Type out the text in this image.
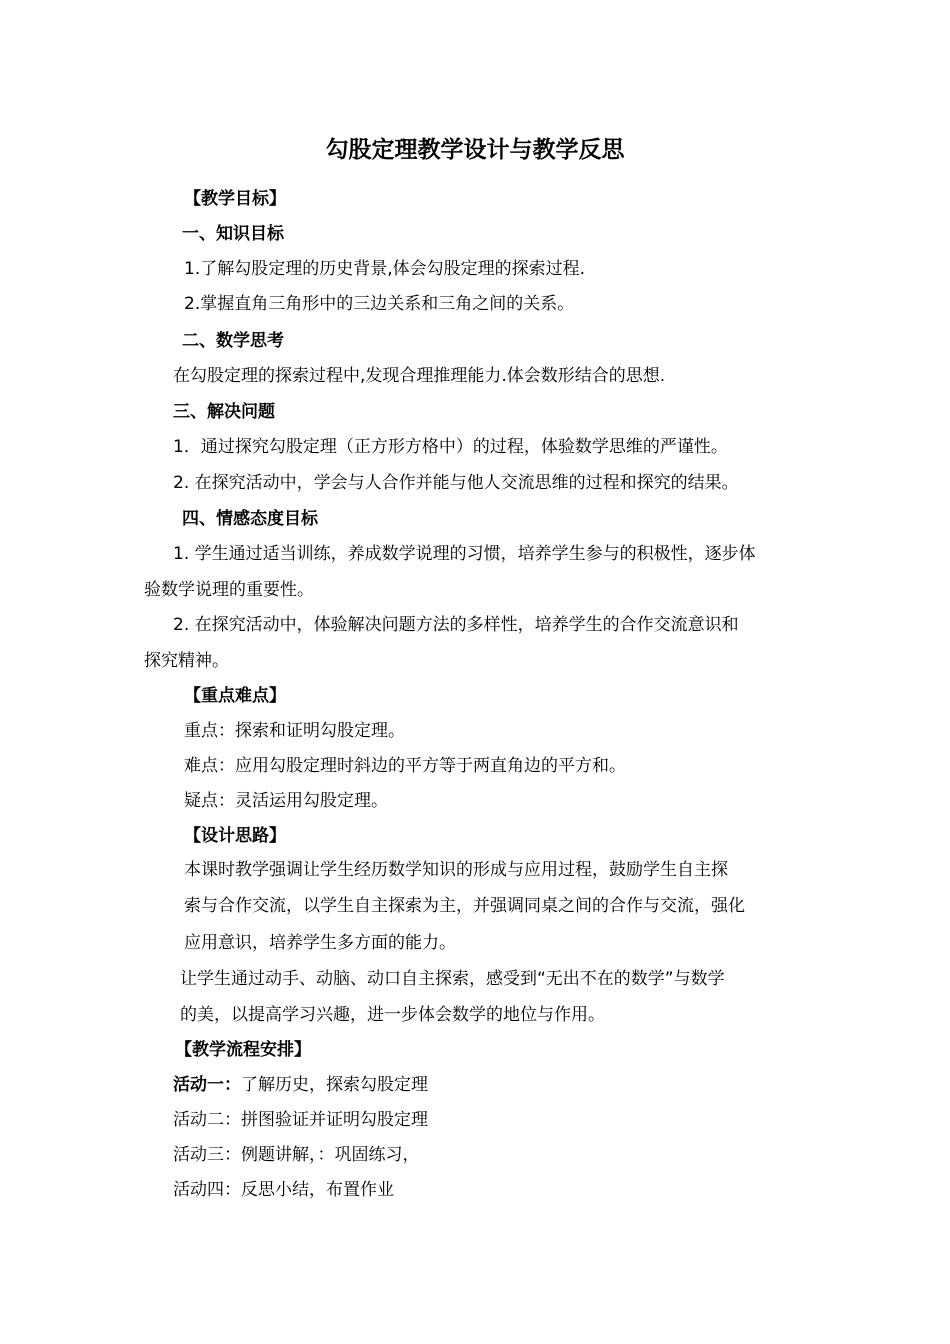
勾股定理教学设计与教学反思
【教学目标】
一、知识目标
1.了解勾股定理的历史背景,体会勾股定理的探索过程.
2.掌握直角三角形中的三边关系和三角之间的关系。
二、数学思考
在勾股定理的探索过程中,发现合理推理能力.体会数形结合的思想.
三、解决问题
1．通过探究勾股定理（正方形方格中）的过程，体验数学思维的严谨性。
2. 在探究活动中，学会与人合作并能与他人交流思维的过程和探究的结果。
四、情感态度目标
1. 学生通过适当训练，养成数学说理的习惯，培养学生参与的积极性，逐步体
验数学说理的重要性。
2. 在探究活动中，体验解决问题方法的多样性，培养学生的合作交流意识和
探究精神。
【重点难点】
重点：探索和证明勾股定理。
难点：应用勾股定理时斜边的平方等于两直角边的平方和。
疑点：灵活运用勾股定理。
【设计思路】
本课时教学强调让学生经历数学知识的形成与应用过程，鼓励学生自主探
索与合作交流，以学生自主探索为主，并强调同桌之间的合作与交流，强化
应用意识，培养学生多方面的能力。
让学生通过动手、动脑、动口自主探索，感受到“无出不在的数学”与数学
的美，以提高学习兴趣，进一步体会数学的地位与作用。
【教学流程安排】
活动一：了解历史，探索勾股定理
活动二：拼图验证并证明勾股定理
活动三：例题讲解，：巩固练习，
活动四：反思小结，布置作业
